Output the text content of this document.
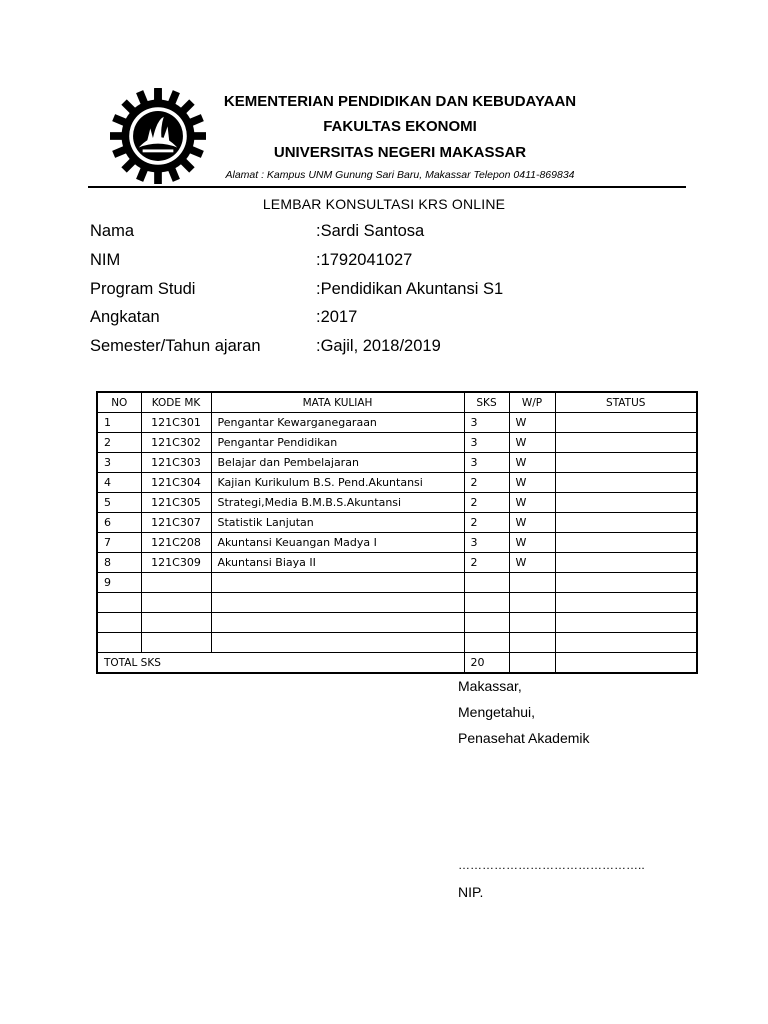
KEMENTERIAN PENDIDIKAN DAN KEBUDAYAAN
FAKULTAS EKONOMI
UNIVERSITAS NEGERI MAKASSAR
Alamat : Kampus UNM Gunung Sari Baru, Makassar Telepon 0411-869834
LEMBAR KONSULTASI KRS ONLINE
Nama	:Sardi Santosa
NIM	:1792041027
Program Studi	:Pendidikan Akuntansi S1
Angkatan	:2017
Semester/Tahun ajaran	:Gajil, 2018/2019
NO	KODE MK	MATA KULIAH	SKS	W/P	STATUS
1	121C301	Pengantar Kewarganegaraan	3	W	
2	121C302	Pengantar Pendidikan	3	W	
3	121C303	Belajar dan Pembelajaran	3	W	
4	121C304	Kajian Kurikulum B.S. Pend.Akuntansi	2	W	
5	121C305	Strategi,Media B.M.B.S.Akuntansi	2	W	
6	121C307	Statistik Lanjutan	2	W	
7	121C208	Akuntansi Keuangan Madya I	3	W	
8	121C309	Akuntansi Biaya II	2	W	
9					

TOTAL SKS			20		
Makassar,
Mengetahui,
Penasehat Akademik
………………………………………..
NIP.
